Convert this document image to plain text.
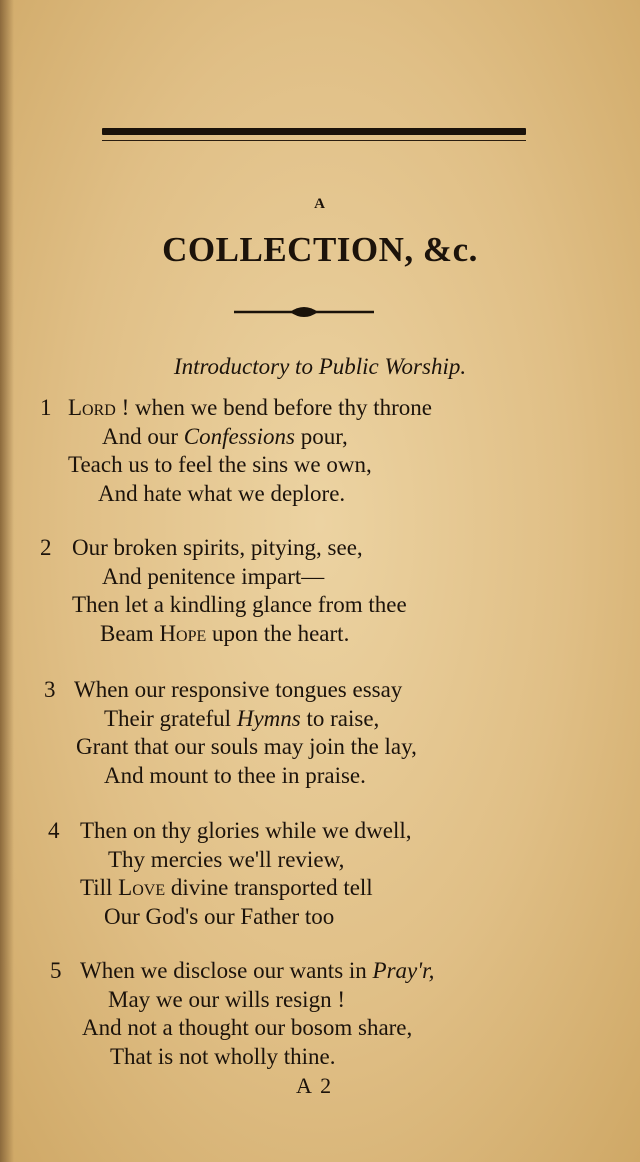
A
COLLECTION, &c.
Introductory to Public Worship.
1 Lord ! when we bend before thy throne
And our Confessions pour,
Teach us to feel the sins we own,
And hate what we deplore.
2 Our broken spirits, pitying, see,
And penitence impart—
Then let a kindling glance from thee
Beam Hope upon the heart.
3 When our responsive tongues essay
Their grateful Hymns to raise,
Grant that our souls may join the lay,
And mount to thee in praise.
4 Then on thy glories while we dwell,
Thy mercies we'll review,
Till Love divine transported tell
Our God's our Father too
5 When we disclose our wants in Pray'r,
May we our wills resign !
And not a thought our bosom share,
That is not wholly thine.
A 2
